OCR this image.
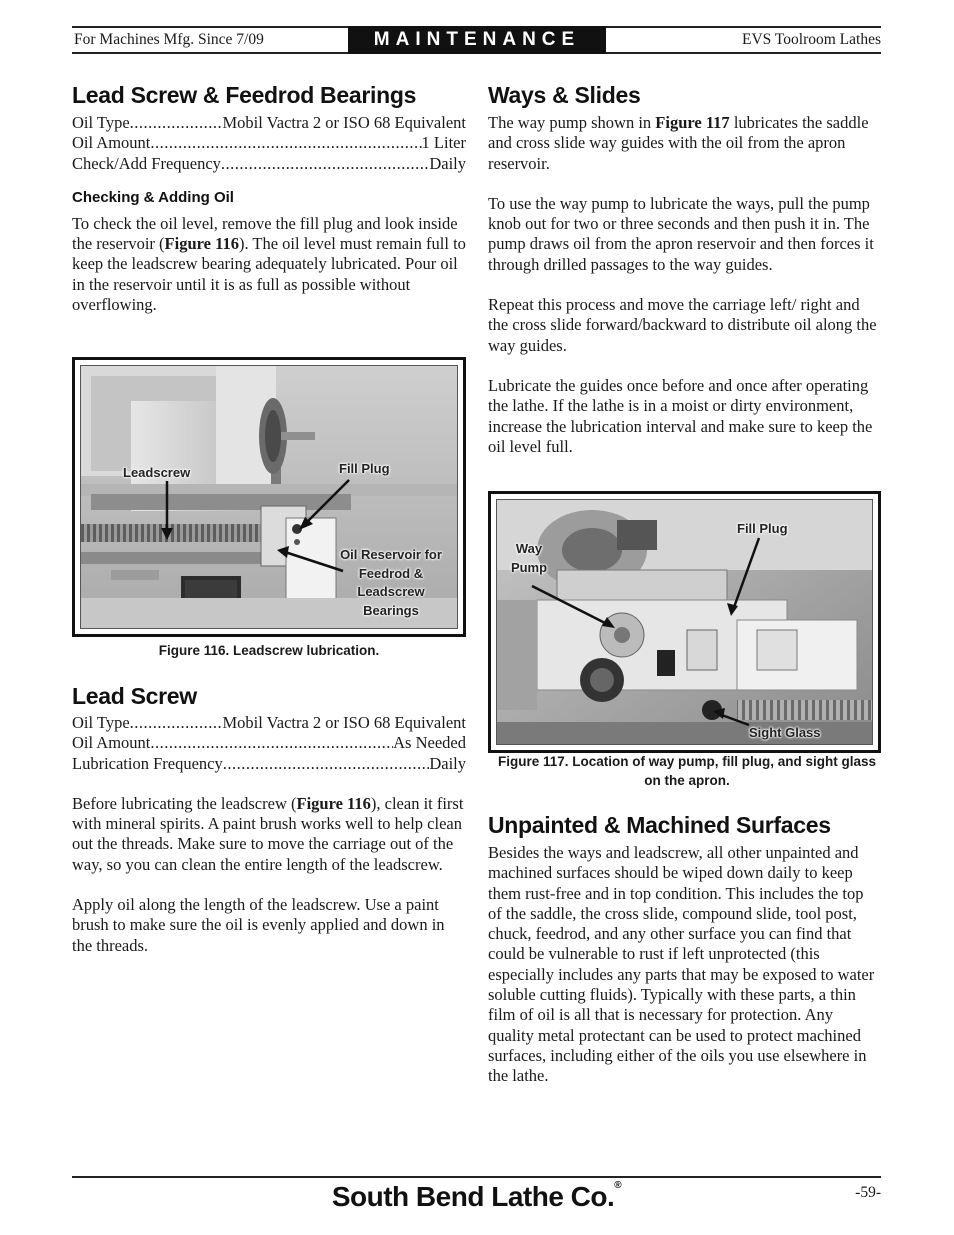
For Machines Mfg. Since 7/09	MAINTENANCE	EVS Toolroom Lathes
Lead Screw & Feedrod Bearings
Oil Type .....	Mobil Vactra 2 or ISO 68 Equivalent
Oil Amount .....	1 Liter
Check/Add Frequency .....	Daily
Checking & Adding Oil

To check the oil level, remove the fill plug and look inside the reservoir (Figure 116). The oil level must remain full to keep the leadscrew bearing adequately lubricated. Pour oil in the reservoir until it is as full as possible without overflowing.

Leadscrew	Fill Plug
Oil Reservoir for Feedrod & Leadscrew Bearings
Figure 116. Leadscrew lubrication.
Lead Screw
Oil Type .....	Mobil Vactra 2 or ISO 68 Equivalent
Oil Amount .....	As Needed
Lubrication Frequency .....	Daily

Before lubricating the leadscrew (Figure 116), clean it first with mineral spirits. A paint brush works well to help clean out the threads. Make sure to move the carriage out of the way, so you can clean the entire length of the leadscrew.

Apply oil along the length of the leadscrew. Use a paint brush to make sure the oil is evenly applied and down in the threads.

Ways & Slides

The way pump shown in Figure 117 lubricates the saddle and cross slide way guides with the oil from the apron reservoir.

To use the way pump to lubricate the ways, pull the pump knob out for two or three seconds and then push it in. The pump draws oil from the apron reservoir and then forces it through drilled passages to the way guides.

Repeat this process and move the carriage left/ right and the cross slide forward/backward to distribute oil along the way guides.

Lubricate the guides once before and once after operating the lathe. If the lathe is in a moist or dirty environment, increase the lubrication interval and make sure to keep the oil level full.

Way Pump
Fill Plug
Sight Glass
Figure 117. Location of way pump, fill plug, and sight glass on the apron.
Unpainted & Machined Surfaces

Besides the ways and leadscrew, all other unpainted and machined surfaces should be wiped down daily to keep them rust-free and in top condition. This includes the top of the saddle, the cross slide, compound slide, tool post, chuck, feedrod, and any other surface you can find that could be vulnerable to rust if left unprotected (this especially includes any parts that may be exposed to water soluble cutting fluids). Typically with these parts, a thin film of oil is all that is necessary for protection. Any quality metal protectant can be used to protect machined surfaces, including either of the oils you use elsewhere in the lathe.

South Bend Lathe Co.®	-59-
